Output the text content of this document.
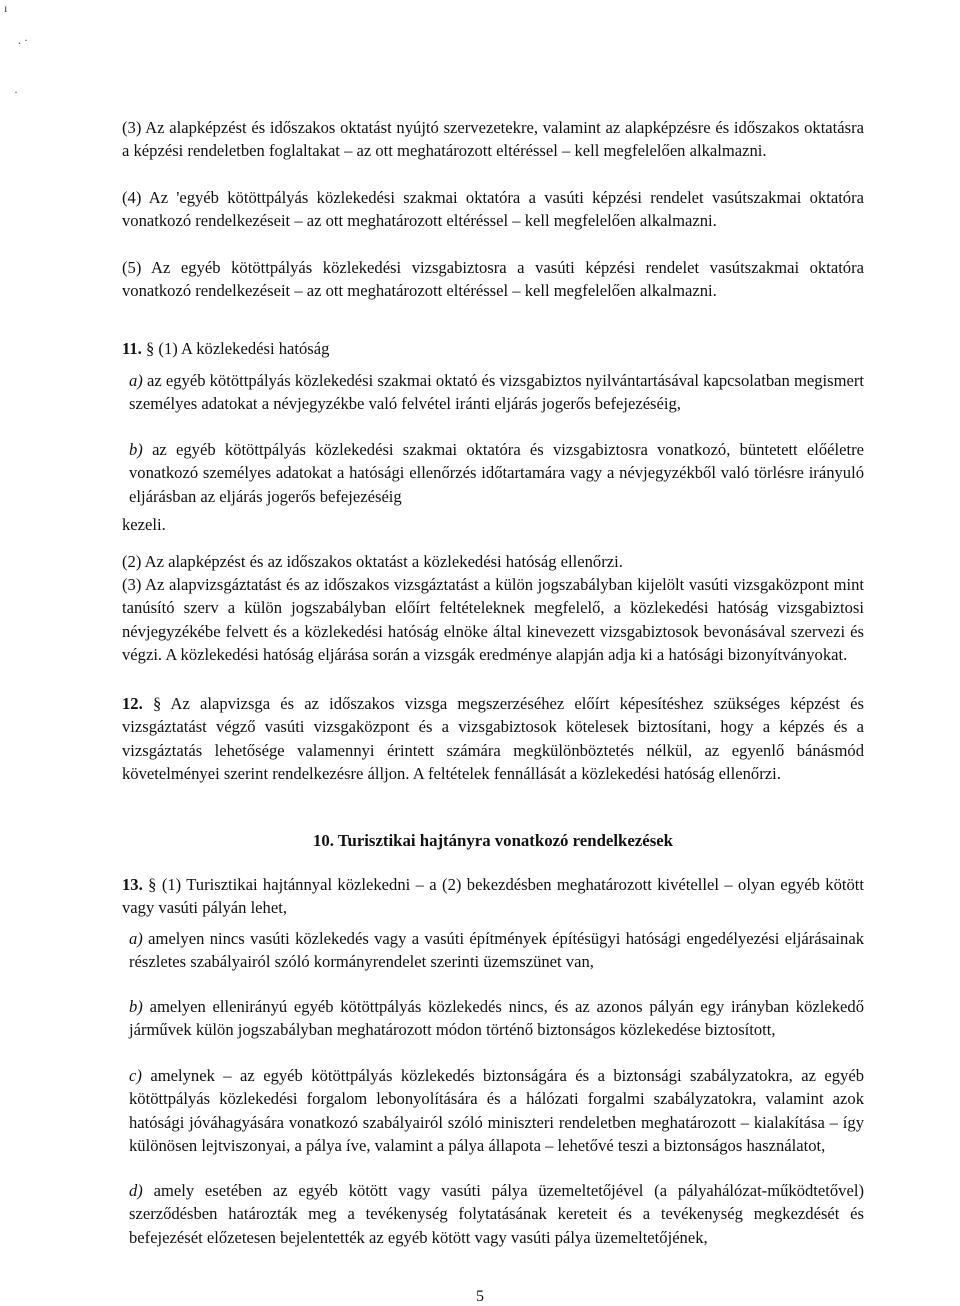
ı
. ·
·

(3) Az alapképzést és időszakos oktatást nyújtó szervezetekre, valamint az alapképzésre és időszakos oktatásra a képzési rendeletben foglaltakat – az ott meghatározott eltéréssel – kell megfelelően alkalmazni.

(4) Az 'egyéb kötöttpályás közlekedési szakmai oktatóra a vasúti képzési rendelet vasútszakmai oktatóra vonatkozó rendelkezéseit – az ott meghatározott eltéréssel – kell megfelelően alkalmazni.

(5) Az egyéb kötöttpályás közlekedési vizsgabiztosra a vasúti képzési rendelet vasútszakmai oktatóra vonatkozó rendelkezéseit – az ott meghatározott eltéréssel – kell megfelelően alkalmazni.

11. § (1) A közlekedési hatóság

a) az egyéb kötöttpályás közlekedési szakmai oktató és vizsgabiztos nyilvántartásával kapcsolatban megismert személyes adatokat a névjegyzékbe való felvétel iránti eljárás jogerős befejezéséig,

b) az egyéb kötöttpályás közlekedési szakmai oktatóra és vizsgabiztosra vonatkozó, büntetett előéletre vonatkozó személyes adatokat a hatósági ellenőrzés időtartamára vagy a névjegyzékből való törlésre irányuló eljárásban az eljárás jogerős befejezéséig

kezeli.

(2) Az alapképzést és az időszakos oktatást a közlekedési hatóság ellenőrzi.

(3) Az alapvizsgáztatást és az időszakos vizsgáztatást a külön jogszabályban kijelölt vasúti vizsgaközpont mint tanúsító szerv a külön jogszabályban előírt feltételeknek megfelelő, a közlekedési hatóság vizsgabiztosi névjegyzékébe felvett és a közlekedési hatóság elnöke által kinevezett vizsgabiztosok bevonásával szervezi és végzi. A közlekedési hatóság eljárása során a vizsgák eredménye alapján adja ki a hatósági bizonyítványokat.

12. § Az alapvizsga és az időszakos vizsga megszerzéséhez előírt képesítéshez szükséges képzést és vizsgáztatást végző vasúti vizsgaközpont és a vizsgabiztosok kötelesek biztosítani, hogy a képzés és a vizsgáztatás lehetősége valamennyi érintett számára megkülönböztetés nélkül, az egyenlő bánásmód követelményei szerint rendelkezésre álljon. A feltételek fennállását a közlekedési hatóság ellenőrzi.

10. Turisztikai hajtányra vonatkozó rendelkezések

13. § (1) Turisztikai hajtánnyal közlekedni – a (2) bekezdésben meghatározott kivétellel – olyan egyéb kötött vagy vasúti pályán lehet,

a) amelyen nincs vasúti közlekedés vagy a vasúti építmények építésügyi hatósági engedélyezési eljárásainak részletes szabályairól szóló kormányrendelet szerinti üzemszünet van,

b) amelyen ellenirányú egyéb kötöttpályás közlekedés nincs, és az azonos pályán egy irányban közlekedő járművek külön jogszabályban meghatározott módon történő biztonságos közlekedése biztosított,

c) amelynek – az egyéb kötöttpályás közlekedés biztonságára és a biztonsági szabályzatokra, az egyéb kötöttpályás közlekedési forgalom lebonyolítására és a hálózati forgalmi szabályzatokra, valamint azok hatósági jóváhagyására vonatkozó szabályairól szóló miniszteri rendeletben meghatározott – kialakítása – így különösen lejtviszonyai, a pálya íve, valamint a pálya állapota – lehetővé teszi a biztonságos használatot,

d) amely esetében az egyéb kötött vagy vasúti pálya üzemeltetőjével (a pályahálózat-működtetővel) szerződésben határozták meg a tevékenység folytatásának kereteit és a tevékenység megkezdését és befejezését előzetesen bejelentették az egyéb kötött vagy vasúti pálya üzemeltetőjének,

5
